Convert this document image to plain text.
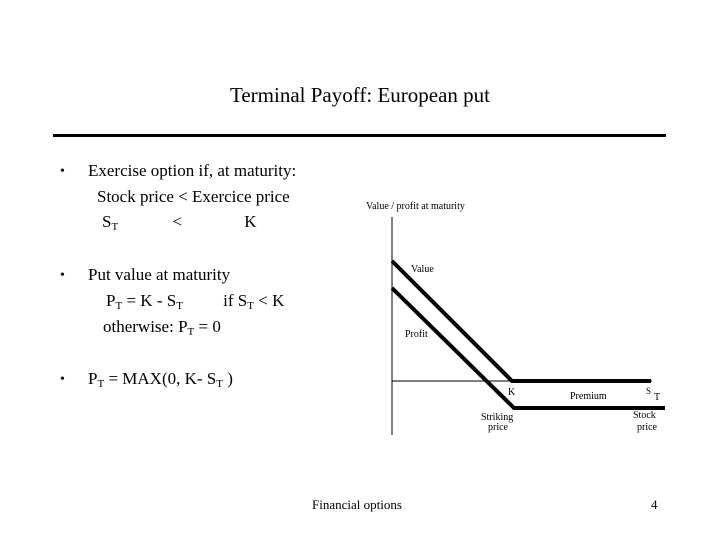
Terminal Payoff: European put
• Exercise option if, at maturity:
Stock price < Exercice price
$S_T$	<	K
• Put value at maturity
$P_T = K - S_T$ if $S_T < K$
otherwise: $P_T = 0$
• $P_T = MAX(0$, K- $S_T$ )
Value / profit at maturity
Value
Profit
K	Premium	S
T
Striking
price
Stock
price
Financial options	4
